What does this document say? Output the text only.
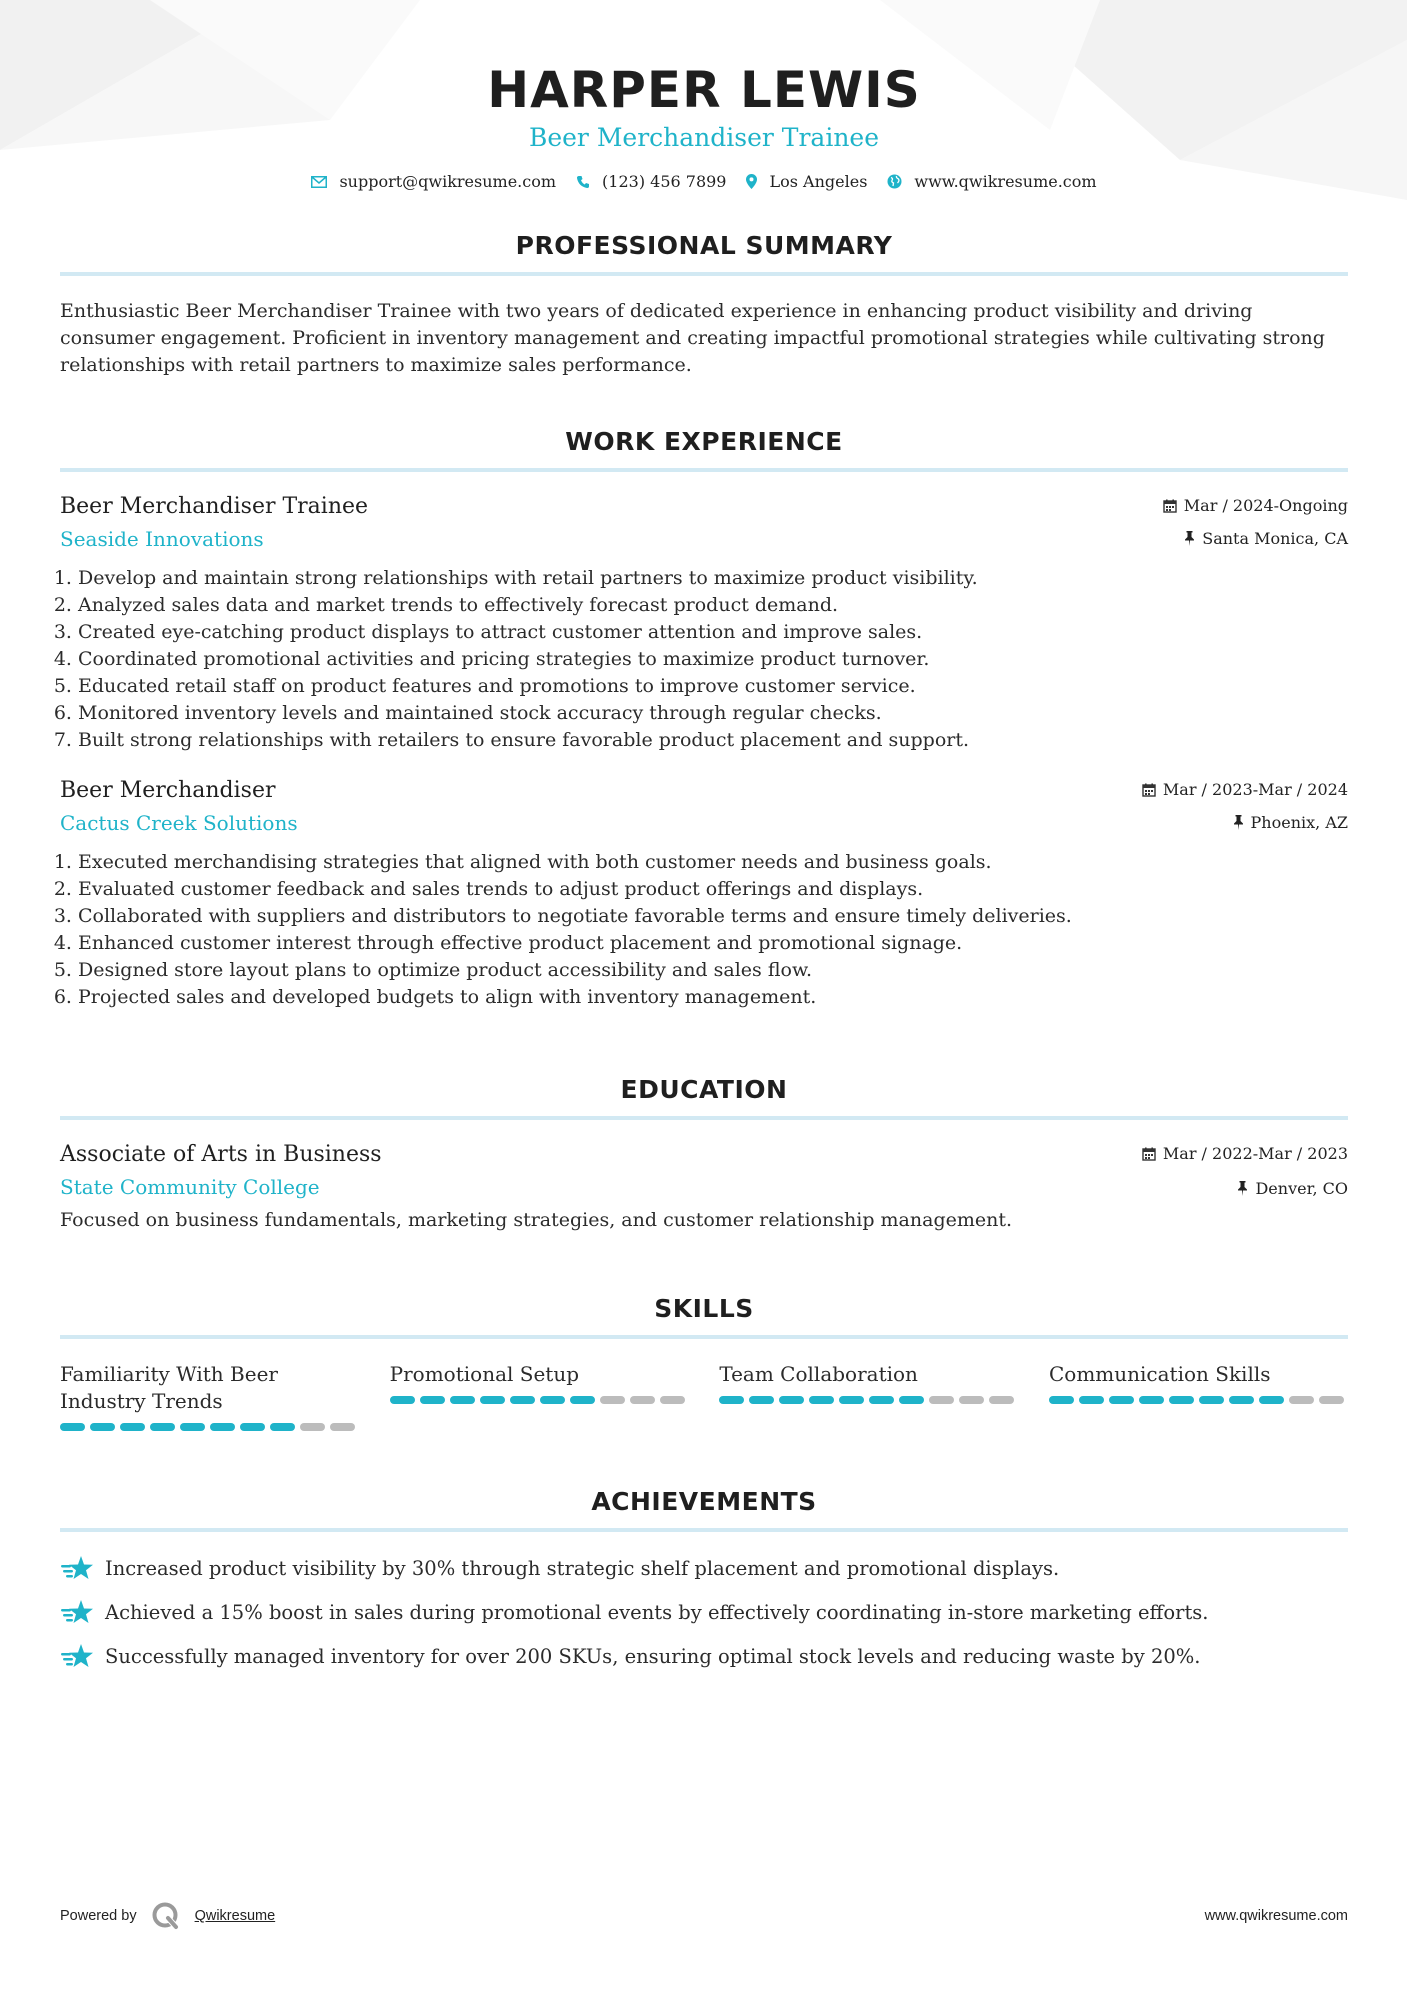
HARPER LEWIS
Beer Merchandiser Trainee
support@qwikresume.com	(123) 456 7899	Los Angeles	www.qwikresume.com
PROFESSIONAL SUMMARY
Enthusiastic Beer Merchandiser Trainee with two years of dedicated experience in enhancing product visibility and driving consumer engagement. Proficient in inventory management and creating impactful promotional strategies while cultivating strong relationships with retail partners to maximize sales performance.
WORK EXPERIENCE
Mar / 2024-Ongoing
Santa Monica, CA
Beer Merchandiser Trainee
Seaside Innovations
1. Develop and maintain strong relationships with retail partners to maximize product visibility.
2. Analyzed sales data and market trends to effectively forecast product demand.
3. Created eye-catching product displays to attract customer attention and improve sales.
4. Coordinated promotional activities and pricing strategies to maximize product turnover.
5. Educated retail staff on product features and promotions to improve customer service.
6. Monitored inventory levels and maintained stock accuracy through regular checks.
7. Built strong relationships with retailers to ensure favorable product placement and support.
Mar / 2023-Mar / 2024
Phoenix, AZ
Beer Merchandiser
Cactus Creek Solutions
1. Executed merchandising strategies that aligned with both customer needs and business goals.
2. Evaluated customer feedback and sales trends to adjust product offerings and displays.
3. Collaborated with suppliers and distributors to negotiate favorable terms and ensure timely deliveries.
4. Enhanced customer interest through effective product placement and promotional signage.
5. Designed store layout plans to optimize product accessibility and sales flow.
6. Projected sales and developed budgets to align with inventory management.
EDUCATION
Mar / 2022-Mar / 2023
Denver, CO
Associate of Arts in Business
State Community College
Focused on business fundamentals, marketing strategies, and customer relationship management.
SKILLS
Familiarity With Beer Industry Trends
Promotional Setup	Team Collaboration	Communication Skills
ACHIEVEMENTS
Increased product visibility by 30% through strategic shelf placement and promotional displays.
Achieved a 15% boost in sales during promotional events by effectively coordinating in-store marketing efforts.
Successfully managed inventory for over 200 SKUs, ensuring optimal stock levels and reducing waste by 20%.
Powered by	Qwikresume	www.qwikresume.com
